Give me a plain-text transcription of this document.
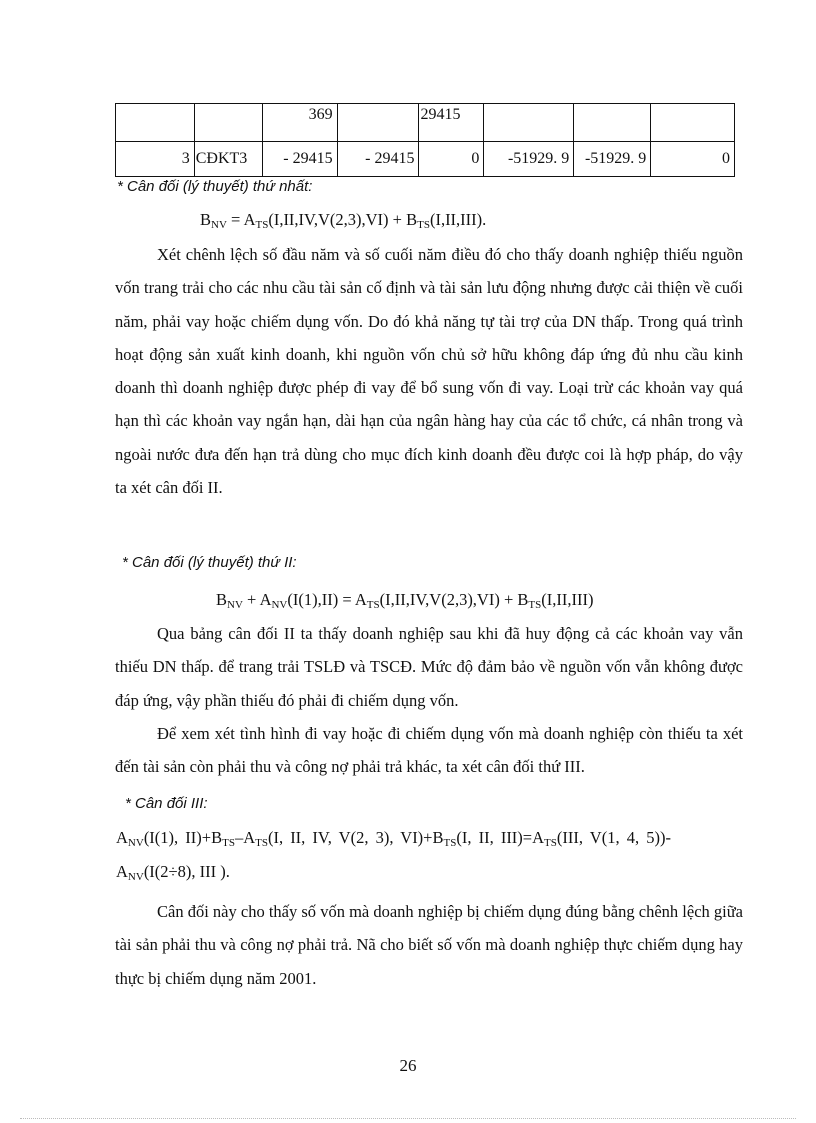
		369		29415			
3	CĐKT3	- 29415	- 29415	0	-51929. 9	-51929. 9	0
* Cân đối (lý thuyết) thứ nhất:
$B_{NV} = A_{TS}(I,II,IV,V(2,3),VI) + B_{TS}(I,II,III)$.
Xét chênh lệch số đầu năm và số cuối năm điều đó cho thấy doanh nghiệp thiếu nguồn vốn trang trải cho các nhu cầu tài sản cố định và tài sản lưu động nhưng được cải thiện về cuối năm, phải vay hoặc chiếm dụng vốn. Do đó khả năng tự tài trợ của DN thấp. Trong quá trình hoạt động sản xuất kinh doanh, khi nguồn vốn chủ sở hữu không đáp ứng đủ nhu cầu kinh doanh thì doanh nghiệp được phép đi vay để bổ sung vốn đi vay. Loại trừ các khoản vay quá hạn thì các khoản vay ngắn hạn, dài hạn của ngân hàng hay của các tổ chức, cá nhân trong và ngoài nước đưa đến hạn trả dùng cho mục đích kinh doanh đều được coi là hợp pháp, do vậy ta xét cân đối II.
* Cân đối (lý thuyết) thứ II:
$B_{NV} + A_{NV}(I(1),II) = A_{TS}(I,II,IV,V(2,3),VI) + B_{TS}(I,II,III)$
Qua bảng cân đối II ta thấy doanh nghiệp sau khi đã huy động cả các khoản vay vẫn thiếu DN thấp. để trang trải TSLĐ và TSCĐ. Mức độ đảm bảo về nguồn vốn vẫn không được đáp ứng, vậy phần thiếu đó phải đi chiếm dụng vốn.
Để xem xét tình hình đi vay hoặc đi chiếm dụng vốn mà doanh nghiệp còn thiếu ta xét đến tài sản còn phải thu và công nợ phải trả khác, ta xét cân đối thứ III.
* Cân đối III:
$A_{NV}(I(1)$, $II)+B_{TS}-A_{TS}(I$, II, IV, V(2, 3), $VI)+B_{TS}(I$, II, $III)=A_{TS}(III$, V(1, 4, 5))-
$A_{NV}(I(2\div 8)$, III ).
Cân đối này cho thấy số vốn mà doanh nghiệp bị chiếm dụng đúng bằng chênh lệch giữa tài sản phải thu và công nợ phải trả. Nã cho biết số vốn mà doanh nghiệp thực chiếm dụng hay thực bị chiếm dụng năm 2001.
26
